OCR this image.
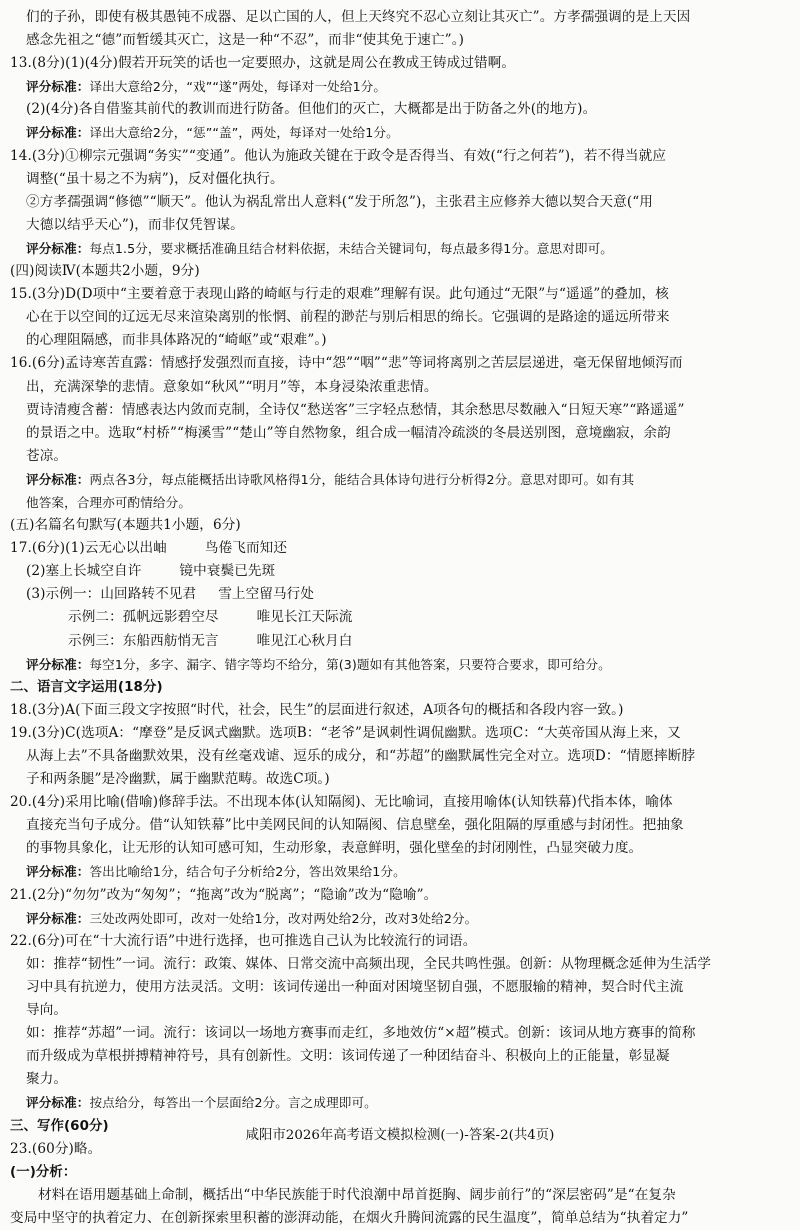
们的子孙，即使有极其愚钝不成器、足以亡国的人，但上天终究不忍心立刻让其灭亡”。方孝孺强调的是上天因

感念先祖之“德”而暂缓其灭亡，这是一种“不忍”，而非“使其免于速亡”。)

13.(8分)(1)(4分)假若开玩笑的话也一定要照办，这就是周公在教成王铸成过错啊。

评分标准：译出大意给2分，“戏”“遂”两处，每译对一处给1分。

(2)(4分)各自借鉴其前代的教训而进行防备。但他们的灭亡，大概都是出于防备之外(的地方)。

评分标准：译出大意给2分，“惩”“盖”，两处，每译对一处给1分。

14.(3分)①柳宗元强调“务实”“变通”。他认为施政关键在于政令是否得当、有效(“行之何若”)，若不得当就应

调整(“虽十易之不为病”)，反对僵化执行。

②方孝孺强调“修德”“顺天”。他认为祸乱常出人意料(“发于所忽”)，主张君主应修养大德以契合天意(“用

大德以结乎天心”)，而非仅凭智谋。

评分标准：每点1.5分，要求概括准确且结合材料依据，未结合关键词句，每点最多得1分。意思对即可。

(四)阅读Ⅳ(本题共2小题，9分)

15.(3分)D(D项中“主要着意于表现山路的崎岖与行走的艰难”理解有误。此句通过“无限”与“遥遥”的叠加，核

心在于以空间的辽远无尽来渲染离别的怅惘、前程的渺茫与别后相思的绵长。它强调的是路途的遥远所带来

的心理阻隔感，而非具体路况的“崎岖”或“艰难”。)

16.(6分)孟诗寒苦直露：情感抒发强烈而直接，诗中“怨”“咽”“悲”等词将离别之苦层层递进，毫无保留地倾泻而

出，充满深挚的悲情。意象如“秋风”“明月”等，本身浸染浓重悲情。

贾诗清瘦含蓄：情感表达内敛而克制，全诗仅“愁送客”三字轻点愁情，其余愁思尽数融入“日短天寒”“路遥遥”

的景语之中。选取“村桥”“梅溪雪”“楚山”等自然物象，组合成一幅清冷疏淡的冬晨送别图，意境幽寂，余韵

苍凉。

评分标准：两点各3分，每点能概括出诗歌风格得1分，能结合具体诗句进行分析得2分。意思对即可。如有其

他答案，合理亦可酌情给分。

(五)名篇名句默写(本题共1小题，6分)

17.(6分)(1)云无心以出岫	鸟倦飞而知还

(2)塞上长城空自许	镜中衰鬓已先斑

(3)示例一：山回路转不见君 雪上空留马行处

示例二：孤帆远影碧空尽	唯见长江天际流

示例三：东船西舫悄无言	唯见江心秋月白

评分标准：每空1分，多字、漏字、错字等均不给分，第(3)题如有其他答案，只要符合要求，即可给分。

二、语言文字运用(18分)

18.(3分)A(下面三段文字按照“时代，社会，民生”的层面进行叙述，A项各句的概括和各段内容一致。)

19.(3分)C(选项A：“摩登”是反讽式幽默。选项B：“老爷”是讽刺性调侃幽默。选项C：“大英帝国从海上来，又

从海上去”不具备幽默效果，没有丝毫戏谑、逗乐的成分，和“苏超”的幽默属性完全对立。选项D：“情愿摔断脖

子和两条腿”是冷幽默，属于幽默范畴。故选C项。)

20.(4分)采用比喻(借喻)修辞手法。不出现本体(认知隔阂)、无比喻词，直接用喻体(认知铁幕)代指本体，喻体

直接充当句子成分。借“认知铁幕”比中美网民间的认知隔阂、信息壁垒，强化阻隔的厚重感与封闭性。把抽象

的事物具象化，让无形的认知可感可知，生动形象，表意鲜明，强化壁垒的封闭刚性，凸显突破力度。

评分标准：答出比喻给1分，结合句子分析给2分，答出效果给1分。

21.(2分)“勿勿”改为“匆匆”；“拖离”改为“脱离”；“隐谕”改为“隐喻”。

评分标准：三处改两处即可，改对一处给1分，改对两处给2分，改对3处给2分。

22.(6分)可在“十大流行语”中进行选择，也可推选自己认为比较流行的词语。

如：推荐“韧性”一词。流行：政策、媒体、日常交流中高频出现，全民共鸣性强。创新：从物理概念延伸为生活学

习中具有抗逆力，使用方法灵活。文明：该词传递出一种面对困境坚韧自强，不愿服输的精神，契合时代主流

导向。

如：推荐“苏超”一词。流行：该词以一场地方赛事而走红，多地效仿“×超”模式。创新：该词从地方赛事的简称

而升级成为草根拼搏精神符号，具有创新性。文明：该词传递了一种团结奋斗、积极向上的正能量，彰显凝

聚力。

评分标准：按点给分，每答出一个层面给2分。言之成理即可。

三、写作(60分)

23.(60分)略。

(一)分析：

材料在语用题基础上命制，概括出“中华民族能于时代浪潮中昂首挺胸、阔步前行”的“深层密码”是“在复杂

变局中坚守的执着定力、在创新探索里积蓄的澎湃动能，在烟火升腾间流露的民生温度”，简单总结为“执着定力”

咸阳市2026年高考语文模拟检测(一)-答案-2(共4页)
